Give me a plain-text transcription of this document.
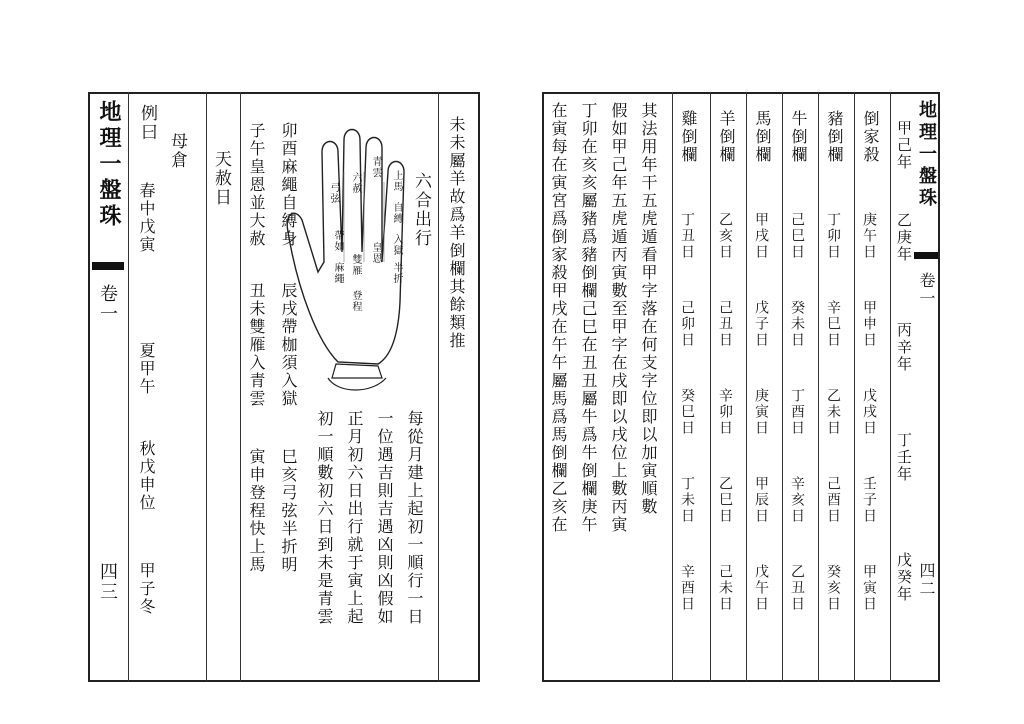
地理一盤珠
卷一
四三
例曰
春中戊寅
夏甲午
秋戊申位
甲子冬
母倉 天赦日 子午皇恩並大赦
丑未雙雁入青雲
寅申登程快上馬
卯酉麻繩自縛身
辰戌帶枷須入獄
巳亥弓弦半折明
上馬
自縛
入獄
半折
皇恩
雙雁
登程
麻繩
帶如
弓弦 六赦
青雲
初一順數初六日到未是青雲 正月初六日出行就于寅上起 一位遇吉則吉遇凶則凶假如 每從月建上起初一順行一日
六合出行 未未屬羊故爲羊倒欄其餘類推	在寅每在寅宮爲倒家殺甲戌在午午屬馬爲馬倒欄乙亥在 丁卯在亥亥屬豬爲豬倒欄己巳在丑丑屬牛爲牛倒欄庚午 假如甲己年五虎遁丙寅數至甲字在戌即以戌位上數丙寅 其法用年干五虎遁看甲字落在何支字位即以加寅順數 雞倒欄
丁丑日
己卯日
癸巳日
丁未日
辛酉日
羊倒欄
乙亥日
己丑日
辛卯日
乙巳日
己未日
馬倒欄
甲戌日
戊子日
庚寅日
甲辰日
戊午日
牛倒欄
己巳日
癸未日
丁酉日
辛亥日
乙丑日
豬倒欄
丁卯日
辛巳日
乙未日
己酉日
癸亥日
倒家殺
庚午日
甲申日
戊戌日
壬子日
甲寅日
甲己年
乙庚年
丙辛年
丁壬年
戊癸年
地理一盤珠
卷一
四二
